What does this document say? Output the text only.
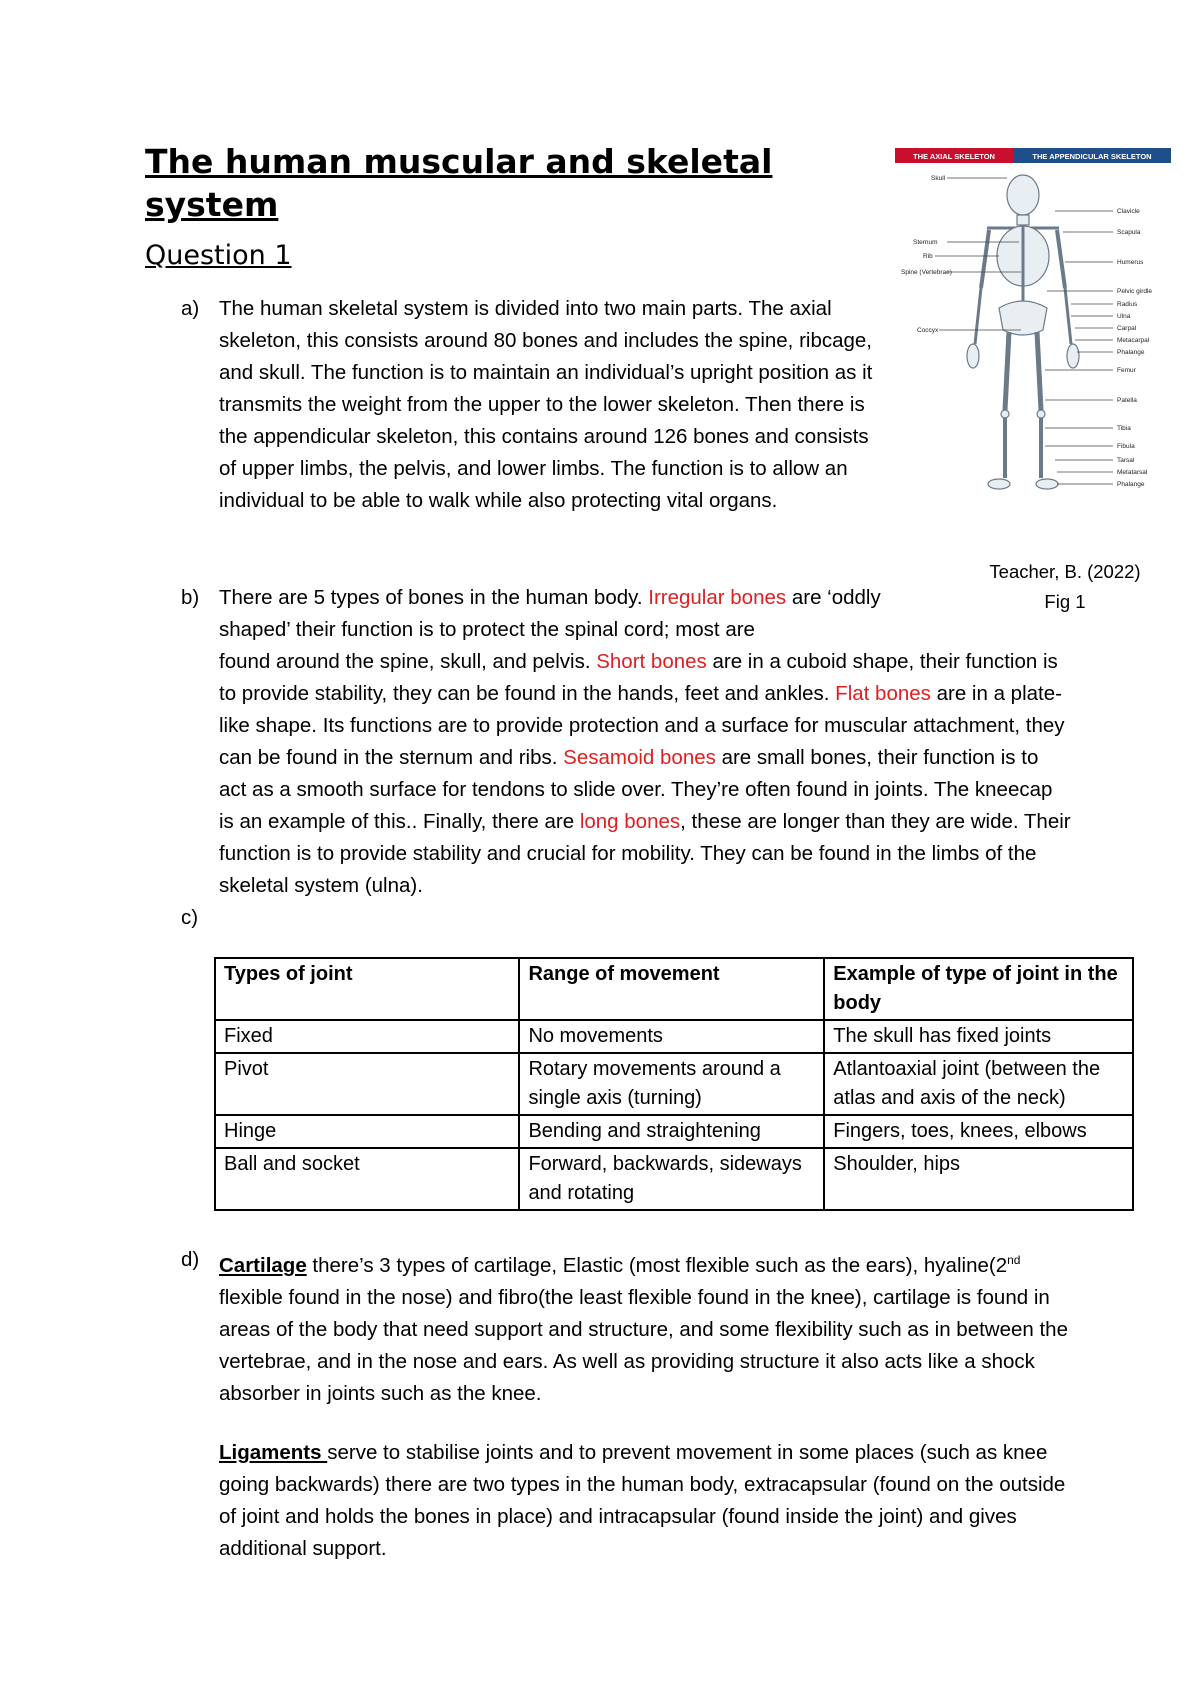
The human muscular and skeletal system
Question 1
a) The human skeletal system is divided into two main parts. The axial skeleton, this consists around 80 bones and includes the spine, ribcage, and skull. The function is to maintain an individual’s upright position as it transmits the weight from the upper to the lower skeleton. Then there is the appendicular skeleton, this contains around 126 bones and consists of upper limbs, the pelvis, and lower limbs. The function is to allow an individual to be able to walk while also protecting vital organs.

THE AXIAL SKELETON	THE APPENDICULAR SKELETON
Skull
Sternum
Rib
Spine (Vertebrae)
Coccyx
Clavicle
Scapula
Humerus
Pelvic girdle
Radius
Ulna
Carpal
Metacarpal
Phalange
Femur
Patella
Tibia
Fibula
Tarsal
Metatarsal
Phalange
Teacher, B. (2022)
Fig 1
b) There are 5 types of bones in the human body. Irregular bones are ‘oddly shaped’ their function is to protect the spinal cord; most are

found around the spine, skull, and pelvis. Short bones are in a cuboid shape, their function is to provide stability, they can be found in the hands, feet and ankles. Flat bones are in a plate-like shape. Its functions are to provide protection and a surface for muscular attachment, they can be found in the sternum and ribs. Sesamoid bones are small bones, their function is to act as a smooth surface for tendons to slide over. They’re often found in joints. The kneecap is an example of this.. Finally, there are long bones, these are longer than they are wide. Their function is to provide stability and crucial for mobility. They can be found in the limbs of the skeletal system (ulna).

c)
Types of joint	Range of movement	Example of type of joint in the body
Fixed	No movements	The skull has fixed joints
Pivot	Rotary movements around a single axis (turning)	Atlantoaxial joint (between the atlas and axis of the neck)
Hinge	Bending and straightening	Fingers, toes, knees, elbows
Ball and socket	Forward, backwards, sideways and rotating	Shoulder, hips
d) Cartilage there’s 3 types of cartilage, Elastic (most flexible such as the ears), hyaline(2nd flexible found in the nose) and fibro(the least flexible found in the knee), cartilage is found in areas of the body that need support and structure, and some flexibility such as in between the vertebrae, and in the nose and ears. As well as providing structure it also acts like a shock absorber in joints such as the knee.

Ligaments serve to stabilise joints and to prevent movement in some places (such as knee going backwards) there are two types in the human body, extracapsular (found on the outside of joint and holds the bones in place) and intracapsular (found inside the joint) and gives additional support.
